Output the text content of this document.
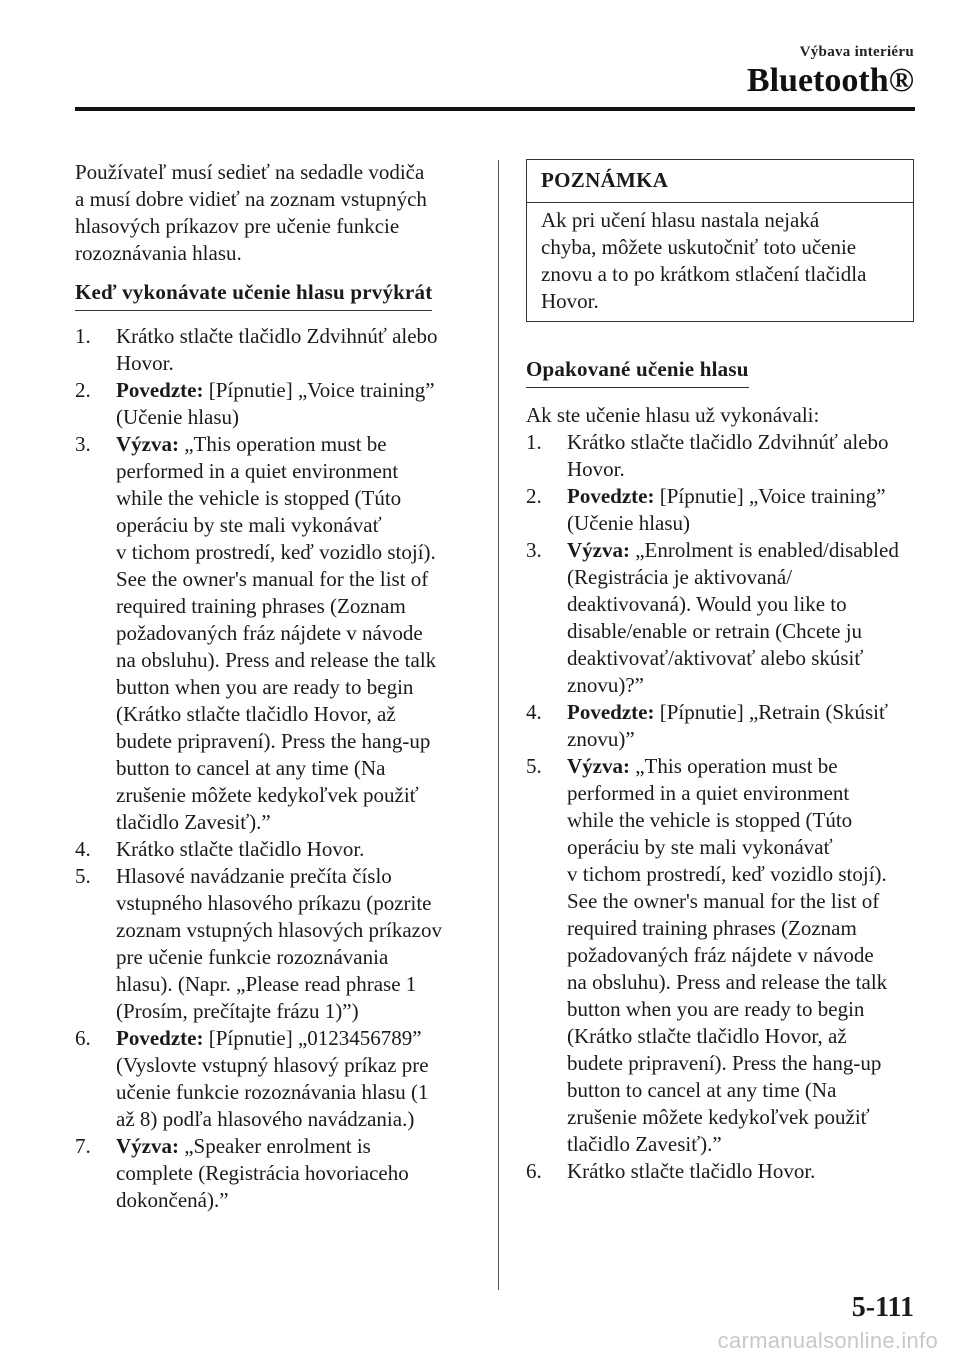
Výbava interiéru
Bluetooth®
Používateľ musí sedieť na sedadle vodiča
a musí dobre vidieť na zoznam vstupných
hlasových príkazov pre učenie funkcie
rozoznávania hlasu.
Keď vykonávate učenie hlasu prvýkrát
1. Krátko stlačte tlačidlo Zdvihnúť alebo
Hovor.
2. Povedzte: [Pípnutie] „Voice training”
(Učenie hlasu)
3. Výzva: „This operation must be
performed in a quiet environment
while the vehicle is stopped (Túto
operáciu by ste mali vykonávať
v tichom prostredí, keď vozidlo stojí).
See the owner's manual for the list of
required training phrases (Zoznam
požadovaných fráz nájdete v návode
na obsluhu). Press and release the talk
button when you are ready to begin
(Krátko stlačte tlačidlo Hovor, až
budete pripravení). Press the hang-up
button to cancel at any time (Na
zrušenie môžete kedykoľvek použiť
tlačidlo Zavesiť).”
4. Krátko stlačte tlačidlo Hovor.
5. Hlasové navádzanie prečíta číslo
vstupného hlasového príkazu (pozrite
zoznam vstupných hlasových príkazov
pre učenie funkcie rozoznávania
hlasu). (Napr. „Please read phrase 1
(Prosím, prečítajte frázu 1)”)
6. Povedzte: [Pípnutie] „0123456789”
(Vyslovte vstupný hlasový príkaz pre
učenie funkcie rozoznávania hlasu (1
až 8) podľa hlasového navádzania.)
7. Výzva: „Speaker enrolment is
complete (Registrácia hovoriaceho
dokončená).”
POZNÁMKA
Ak pri učení hlasu nastala nejaká
chyba, môžete uskutočniť toto učenie
znovu a to po krátkom stlačení tlačidla
Hovor.
Opakované učenie hlasu
Ak ste učenie hlasu už vykonávali:
1. Krátko stlačte tlačidlo Zdvihnúť alebo
Hovor.
2. Povedzte: [Pípnutie] „Voice training”
(Učenie hlasu)
3. Výzva: „Enrolment is enabled/disabled
(Registrácia je aktivovaná/
deaktivovaná). Would you like to
disable/enable or retrain (Chcete ju
deaktivovať/aktivovať alebo skúsiť
znovu)?”
4. Povedzte: [Pípnutie] „Retrain (Skúsiť
znovu)”
5. Výzva: „This operation must be
performed in a quiet environment
while the vehicle is stopped (Túto
operáciu by ste mali vykonávať
v tichom prostredí, keď vozidlo stojí).
See the owner's manual for the list of
required training phrases (Zoznam
požadovaných fráz nájdete v návode
na obsluhu). Press and release the talk
button when you are ready to begin
(Krátko stlačte tlačidlo Hovor, až
budete pripravení). Press the hang-up
button to cancel at any time (Na
zrušenie môžete kedykoľvek použiť
tlačidlo Zavesiť).”
6. Krátko stlačte tlačidlo Hovor.
5-111
carmanualsonline.info
